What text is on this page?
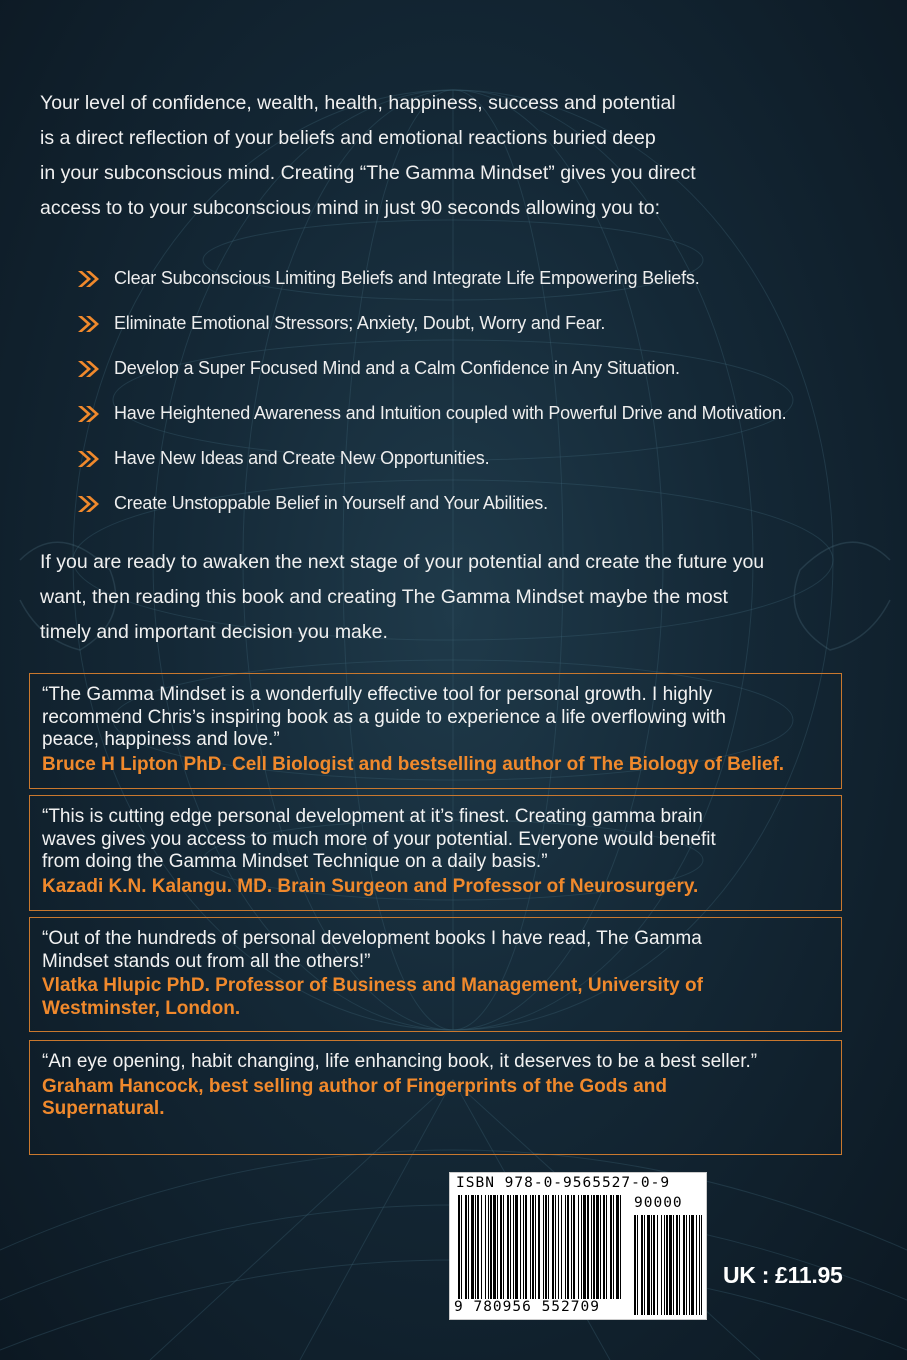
Your level of confidence, wealth, health, happiness, success and potential
is a direct reflection of your beliefs and emotional reactions buried deep
in your subconscious mind. Creating “The Gamma Mindset” gives you direct
access to to your subconscious mind in just 90 seconds allowing you to:
Clear Subconscious Limiting Beliefs and Integrate Life Empowering Beliefs.
Eliminate Emotional Stressors; Anxiety, Doubt, Worry and Fear.
Develop a Super Focused Mind and a Calm Confidence in Any Situation.
Have Heightened Awareness and Intuition coupled with Powerful Drive and Motivation.
Have New Ideas and Create New Opportunities.
Create Unstoppable Belief in Yourself and Your Abilities.
If you are ready to awaken the next stage of your potential and create the future you
want, then reading this book and creating The Gamma Mindset maybe the most
timely and important decision you make.
“The Gamma Mindset is a wonderfully effective tool for personal growth. I highly
recommend Chris’s inspiring book as a guide to experience a life overflowing with
peace, happiness and love.”
Bruce H Lipton PhD. Cell Biologist and bestselling author of The Biology of Belief.
“This is cutting edge personal development at it’s finest. Creating gamma brain
waves gives you access to much more of your potential. Everyone would benefit
from doing the Gamma Mindset Technique on a daily basis.”
Kazadi K.N. Kalangu. MD. Brain Surgeon and Professor of Neurosurgery.
“Out of the hundreds of personal development books I have read, The Gamma
Mindset stands out from all the others!”
Vlatka Hlupic PhD. Professor of Business and Management, University of
Westminster, London.
“An eye opening, habit changing, life enhancing book, it deserves to be a best seller.”
Graham Hancock, best selling author of Fingerprints of the Gods and
Supernatural.
ISBN 978-0-9565527-0-9
90000
9 780956 552709
UK : £11.95
